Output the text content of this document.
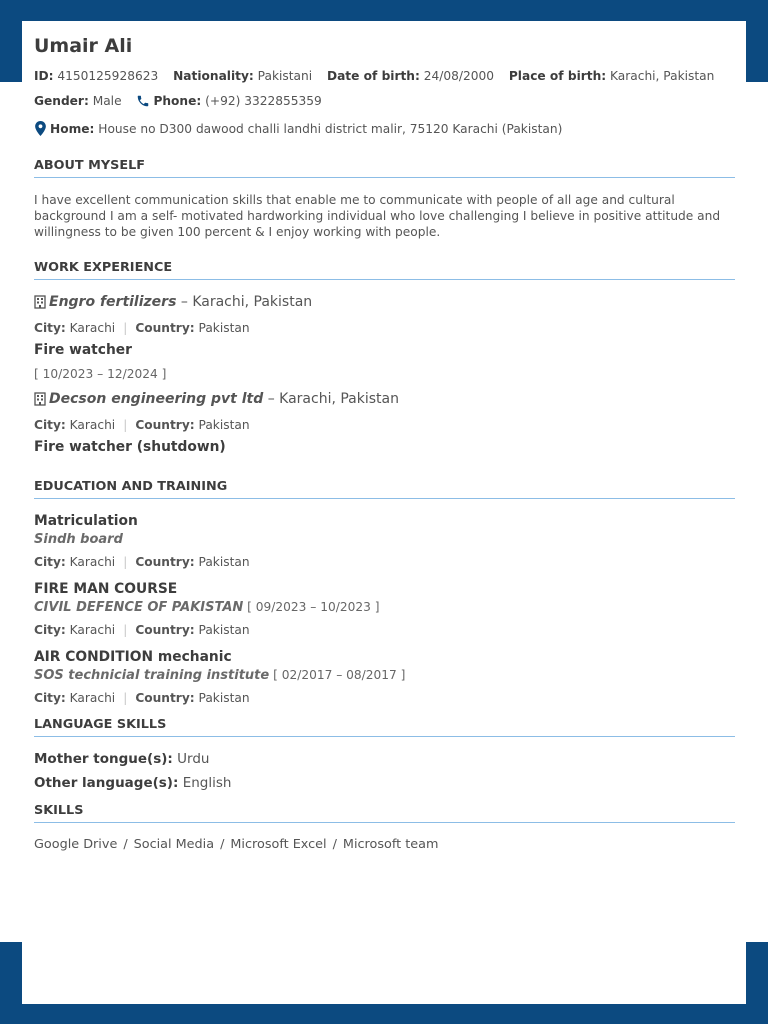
Umair Ali
ID: 4150125928623 Nationality: Pakistani Date of birth: 24/08/2000 Place of birth: Karachi, Pakistan
Gender: Male	Phone: (+92) 3322855359
Home: House no D300 dawood challi landhi district malir, 75120 Karachi (Pakistan)
ABOUT MYSELF
I have excellent communication skills that enable me to communicate with people of all age and cultural background I am a self- motivated hardworking individual who love challenging I believe in positive attitude and willingness to be given 100 percent & I enjoy working with people.
WORK EXPERIENCE
Engro fertilizers – Karachi, Pakistan
City: Karachi | Country: Pakistan
Fire watcher
[ 10/2023 – 12/2024 ]
Decson engineering pvt ltd – Karachi, Pakistan
City: Karachi | Country: Pakistan
Fire watcher (shutdown)
EDUCATION AND TRAINING
Matriculation
Sindh board
City: Karachi | Country: Pakistan
FIRE MAN COURSE
CIVIL DEFENCE OF PAKISTAN [ 09/2023 – 10/2023 ]
City: Karachi | Country: Pakistan
AIR CONDITION mechanic
SOS technicial training institute [ 02/2017 – 08/2017 ]
City: Karachi | Country: Pakistan
LANGUAGE SKILLS
Mother tongue(s): Urdu
Other language(s): English
SKILLS
Google Drive / Social Media / Microsoft Excel / Microsoft team
